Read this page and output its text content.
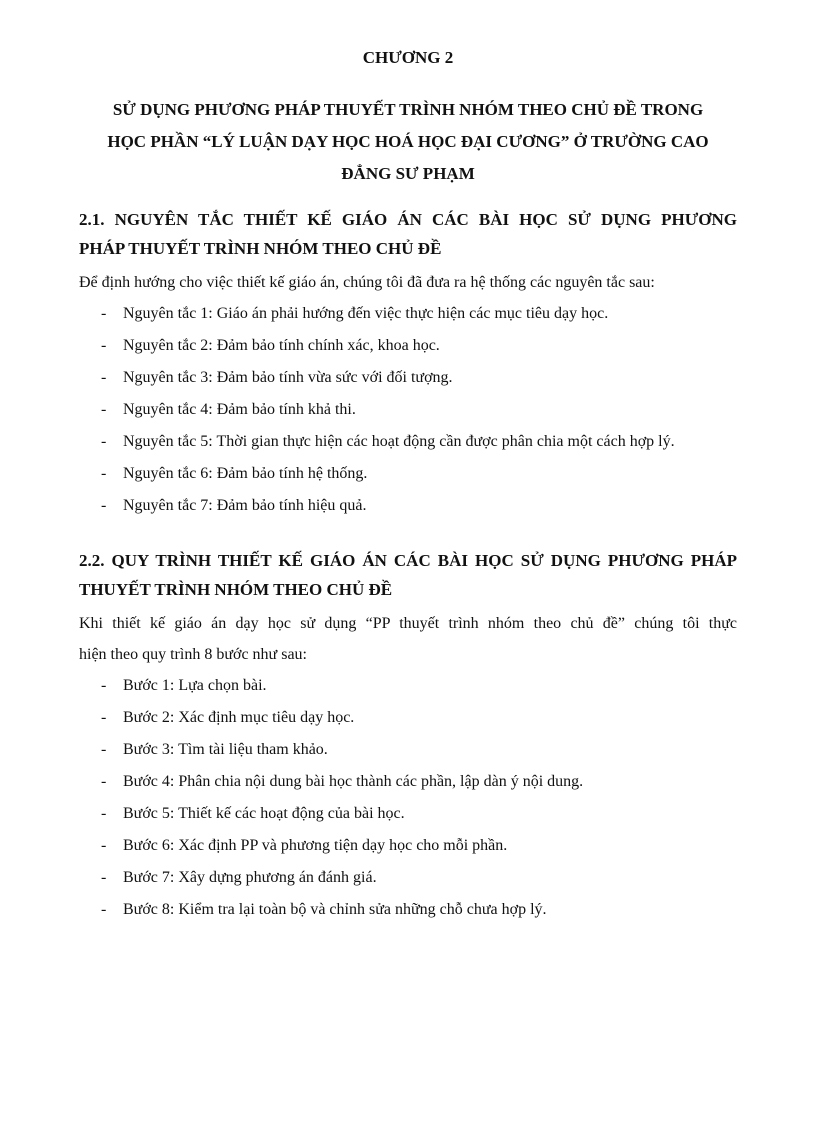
CHƯƠNG 2
SỬ DỤNG PHƯƠNG PHÁP THUYẾT TRÌNH NHÓM THEO CHỦ ĐỀ TRONG
HỌC PHẦN “LÝ LUẬN DẠY HỌC HOÁ HỌC ĐẠI CƯƠNG” Ở TRƯỜNG CAO
ĐẲNG SƯ PHẠM
2.1. NGUYÊN TẮC THIẾT KẾ GIÁO ÁN CÁC BÀI HỌC SỬ DỤNG PHƯƠNG
PHÁP THUYẾT TRÌNH NHÓM THEO CHỦ ĐỀ
Để định hướng cho việc thiết kế giáo án, chúng tôi đã đưa ra hệ thống các nguyên tắc sau:
- Nguyên tắc 1: Giáo án phải hướng đến việc thực hiện các mục tiêu dạy học.
- Nguyên tắc 2: Đảm bảo tính chính xác, khoa học.
- Nguyên tắc 3: Đảm bảo tính vừa sức với đối tượng.
- Nguyên tắc 4: Đảm bảo tính khả thi.
- Nguyên tắc 5: Thời gian thực hiện các hoạt động cần được phân chia một cách hợp lý.
- Nguyên tắc 6: Đảm bảo tính hệ thống.
- Nguyên tắc 7: Đảm bảo tính hiệu quả.
2.2. QUY TRÌNH THIẾT KẾ GIÁO ÁN CÁC BÀI HỌC SỬ DỤNG PHƯƠNG PHÁP
THUYẾT TRÌNH NHÓM THEO CHỦ ĐỀ
Khi thiết kế giáo án dạy học sử dụng “PP thuyết trình nhóm theo chủ đề” chúng tôi thực
hiện theo quy trình 8 bước như sau:
- Bước 1: Lựa chọn bài.
- Bước 2: Xác định mục tiêu dạy học.
- Bước 3: Tìm tài liệu tham khảo.
- Bước 4: Phân chia nội dung bài học thành các phần, lập dàn ý nội dung.
- Bước 5: Thiết kế các hoạt động của bài học.
- Bước 6: Xác định PP và phương tiện dạy học cho mỗi phần.
- Bước 7: Xây dựng phương án đánh giá.
- Bước 8: Kiểm tra lại toàn bộ và chỉnh sửa những chỗ chưa hợp lý.
